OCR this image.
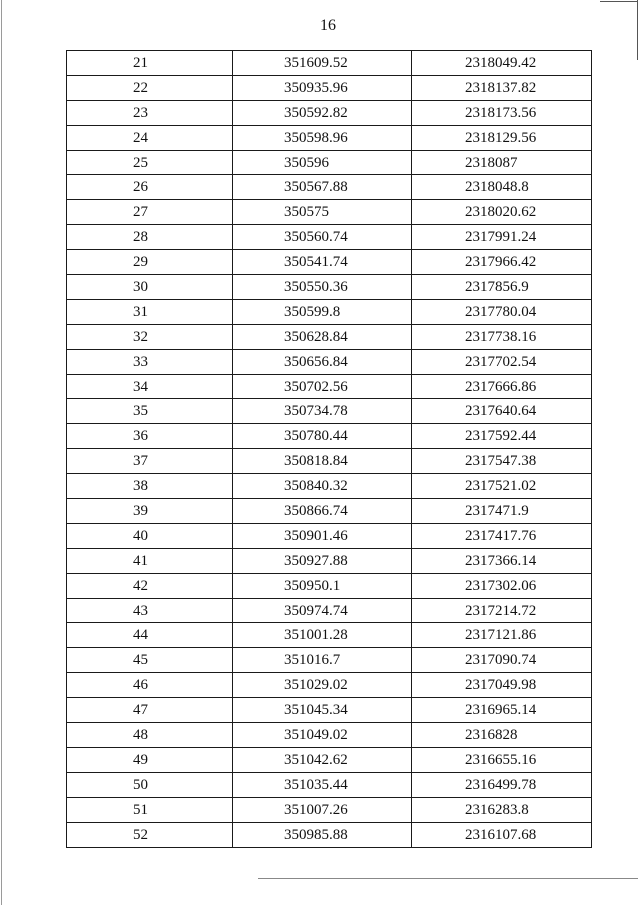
16
21	351609.52	2318049.42
22	350935.96	2318137.82
23	350592.82	2318173.56
24	350598.96	2318129.56
25	350596	2318087
26	350567.88	2318048.8
27	350575	2318020.62
28	350560.74	2317991.24
29	350541.74	2317966.42
30	350550.36	2317856.9
31	350599.8	2317780.04
32	350628.84	2317738.16
33	350656.84	2317702.54
34	350702.56	2317666.86
35	350734.78	2317640.64
36	350780.44	2317592.44
37	350818.84	2317547.38
38	350840.32	2317521.02
39	350866.74	2317471.9
40	350901.46	2317417.76
41	350927.88	2317366.14
42	350950.1	2317302.06
43	350974.74	2317214.72
44	351001.28	2317121.86
45	351016.7	2317090.74
46	351029.02	2317049.98
47	351045.34	2316965.14
48	351049.02	2316828
49	351042.62	2316655.16
50	351035.44	2316499.78
51	351007.26	2316283.8
52	350985.88	2316107.68
